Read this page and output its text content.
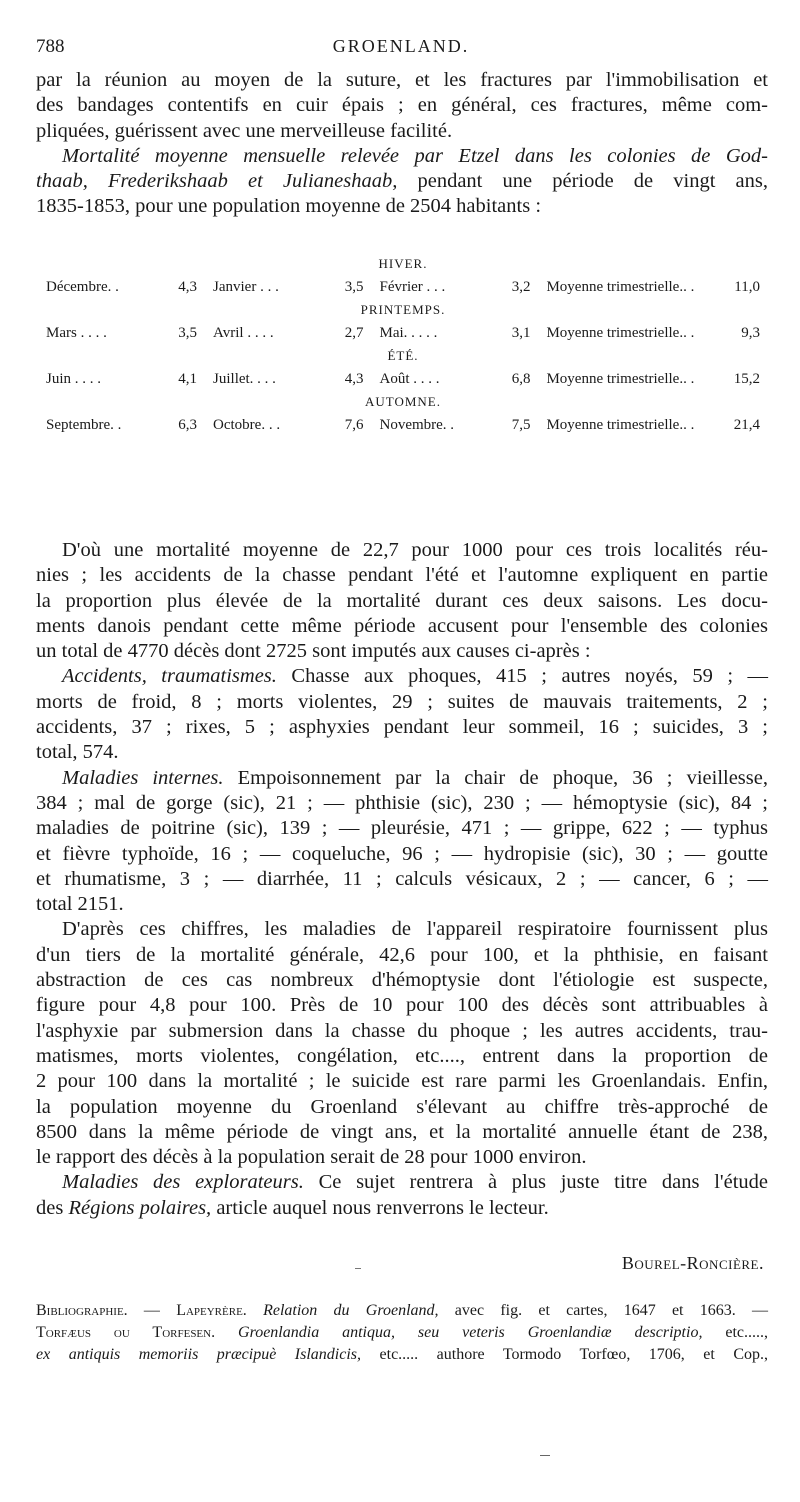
788	GROENLAND.
par la réunion au moyen de la suture, et les fractures par l'immobilisation et
des bandages contentifs en cuir épais ; en général, ces fractures, même com-
pliquées, guérissent avec une merveilleuse facilité.
Mortalité moyenne mensuelle relevée par Etzel dans les colonies de God-
thaab, Frederikshaab et Julianeshaab, pendant une période de vingt ans,
1835-1853, pour une population moyenne de 2504 habitants :
HIVER.							
Décembre. .	4,3	Janvier . . .	3,5	Février . . .	3,2	Moyenne trimestrielle.. .	11,0
PRINTEMPS.							
Mars . . . .	3,5	Avril . . . .	2,7	Mai. . . . .	3,1	Moyenne trimestrielle.. .	9,3
ÉTÉ.							
Juin . . . .	4,1	Juillet. . . .	4,3	Août . . . .	6,8	Moyenne trimestrielle.. .	15,2
AUTOMNE.							
Septembre. .	6,3	Octobre. . .	7,6	Novembre. .	7,5	Moyenne trimestrielle.. .	21,4
D'où une mortalité moyenne de 22,7 pour 1000 pour ces trois localités réu-
nies ; les accidents de la chasse pendant l'été et l'automne expliquent en partie
la proportion plus élevée de la mortalité durant ces deux saisons. Les docu-
ments danois pendant cette même période accusent pour l'ensemble des colonies
un total de 4770 décès dont 2725 sont imputés aux causes ci-après :
Accidents, traumatismes. Chasse aux phoques, 415 ; autres noyés, 59 ; —
morts de froid, 8 ; morts violentes, 29 ; suites de mauvais traitements, 2 ;
accidents, 37 ; rixes, 5 ; asphyxies pendant leur sommeil, 16 ; suicides, 3 ;
total, 574.
Maladies internes. Empoisonnement par la chair de phoque, 36 ; vieillesse,
384 ; mal de gorge (sic), 21 ; — phthisie (sic), 230 ; — hémoptysie (sic), 84 ;
maladies de poitrine (sic), 139 ; — pleurésie, 471 ; — grippe, 622 ; — typhus
et fièvre typhoïde, 16 ; — coqueluche, 96 ; — hydropisie (sic), 30 ; — goutte
et rhumatisme, 3 ; — diarrhée, 11 ; calculs vésicaux, 2 ; — cancer, 6 ; —
total 2151.
D'après ces chiffres, les maladies de l'appareil respiratoire fournissent plus
d'un tiers de la mortalité générale, 42,6 pour 100, et la phthisie, en faisant
abstraction de ces cas nombreux d'hémoptysie dont l'étiologie est suspecte,
figure pour 4,8 pour 100. Près de 10 pour 100 des décès sont attribuables à
l'asphyxie par submersion dans la chasse du phoque ; les autres accidents, trau-
matismes, morts violentes, congélation, etc...., entrent dans la proportion de
2 pour 100 dans la mortalité ; le suicide est rare parmi les Groenlandais. Enfin,
la population moyenne du Groenland s'élevant au chiffre très-approché de
8500 dans la même période de vingt ans, et la mortalité annuelle étant de 238,
le rapport des décès à la population serait de 28 pour 1000 environ.
Maladies des explorateurs. Ce sujet rentrera à plus juste titre dans l'étude
des Régions polaires, article auquel nous renverrons le lecteur.
Bourel-Roncière.
Bibliographie. — Lapeyrère. Relation du Groenland, avec fig. et cartes, 1647 et 1663. —
Torfæus ou Torfesen. Groenlandia antiqua, seu veteris Groenlandiæ descriptio, etc.....,
ex antiquis memoriis præcipuè Islandicis, etc..... authore Tormodo Torfœo, 1706, et Cop.,
